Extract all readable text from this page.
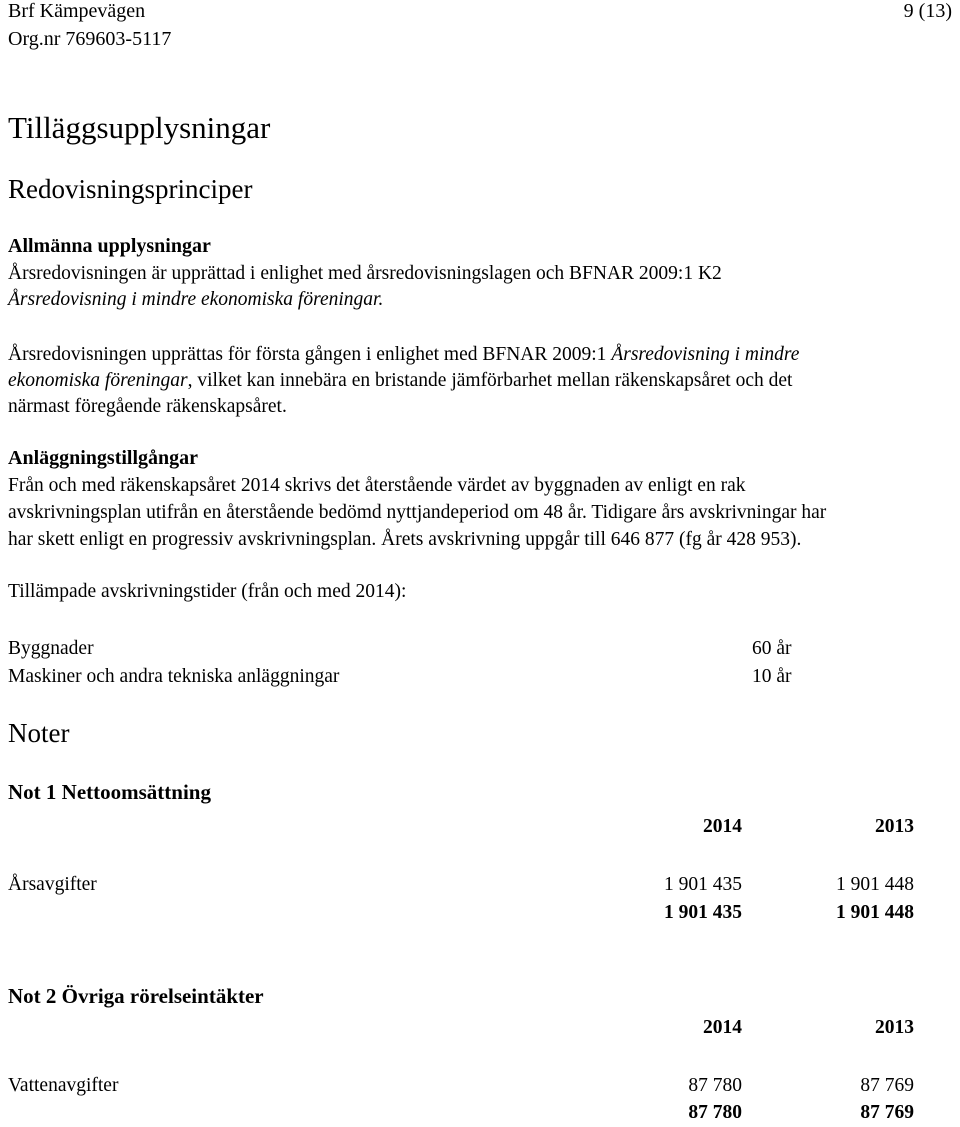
Brf Kämpevägen
Org.nr 769603-5117
9 (13)
Tilläggsupplysningar
Redovisningsprinciper
Allmänna upplysningar
Årsredovisningen är upprättad i enlighet med årsredovisningslagen och BFNAR 2009:1 K2
Årsredovisning i mindre ekonomiska föreningar.
Årsredovisningen upprättas för första gången i enlighet med BFNAR 2009:1 Årsredovisning i mindre
ekonomiska föreningar, vilket kan innebära en bristande jämförbarhet mellan räkenskapsåret och det
närmast föregående räkenskapsåret.
Anläggningstillgångar
Från och med räkenskapsåret 2014 skrivs det återstående värdet av byggnaden av enligt en rak
avskrivningsplan utifrån en återstående bedömd nyttjandeperiod om 48 år. Tidigare års avskrivningar har
har skett enligt en progressiv avskrivningsplan. Årets avskrivning uppgår till 646 877 (fg år 428 953).
Tillämpade avskrivningstider (från och med 2014):
Byggnader	60 år
Maskiner och andra tekniska anläggningar	10 år
Noter
Not 1 Nettoomsättning
2014	2013
Årsavgifter	1 901 435	1 901 448
1 901 435	1 901 448
Not 2 Övriga rörelseintäkter
2014	2013
Vattenavgifter	87 780	87 769
87 780	87 769
